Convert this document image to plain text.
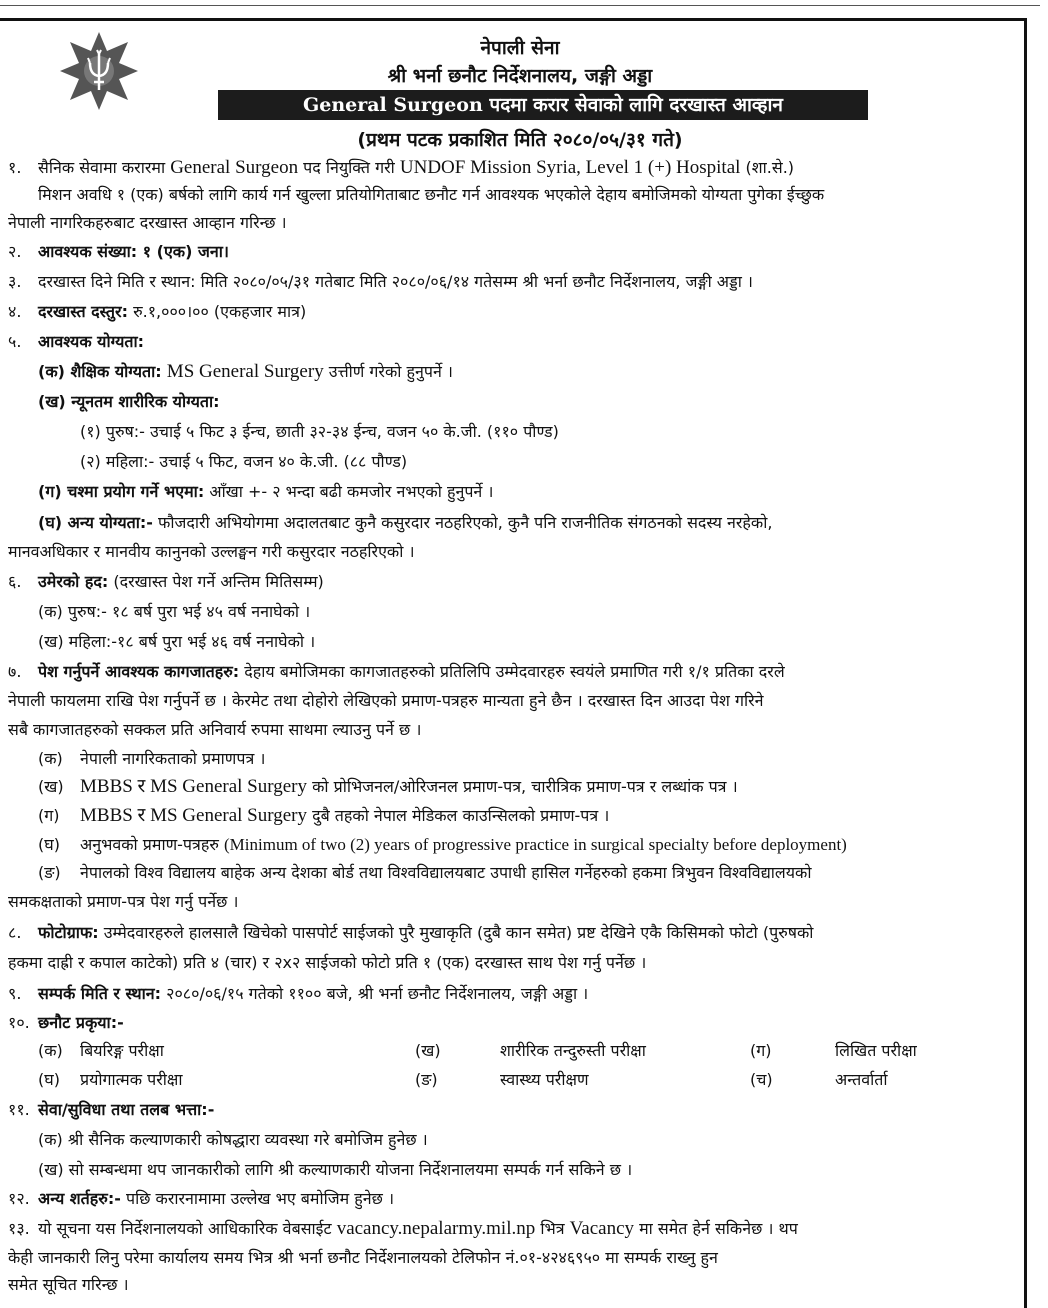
नेपाली सेना
श्री भर्ना छनौट निर्देशनालय, जङ्गी अड्डा
General Surgeon पदमा करार सेवाको लागि दरखास्त आव्हान
(प्रथम पटक प्रकाशित मिति २०८०/०५/३१ गते)
१. सैनिक सेवामा करारमा General Surgeon पद नियुक्ति गरी UNDOF Mission Syria, Level 1 (+) Hospital (शा.से.)
मिशन अवधि १ (एक) बर्षको लागि कार्य गर्न खुल्ला प्रतियोगिताबाट छनौट गर्न आवश्यक भएकोले देहाय बमोजिमको योग्यता पुगेका ईच्छुक
नेपाली नागरिकहरुबाट दरखास्त आव्हान गरिन्छ ।
२. आवश्यक संख्या: १ (एक) जना।
३. दरखास्त दिने मिति र स्थान: मिति २०८०/०५/३१ गतेबाट मिति २०८०/०६/१४ गतेसम्म श्री भर्ना छनौट निर्देशनालय, जङ्गी अड्डा ।
४. दरखास्त दस्तुर: रु.१,०००।०० (एकहजार मात्र)
५. आवश्यक योग्यता:
(क) शैक्षिक योग्यता: MS General Surgery उत्तीर्ण गरेको हुनुपर्ने ।
(ख) न्यूनतम शारीरिक योग्यता:
(१) पुरुष:- उचाई ५ फिट ३ ईन्च, छाती ३२-३४ ईन्च, वजन ५० के.जी. (११० पौण्ड)
(२) महिला:- उचाई ५ फिट, वजन ४० के.जी. (८८ पौण्ड)
(ग) चश्मा प्रयोग गर्ने भएमा: आँखा +- २ भन्दा बढी कमजोर नभएको हुनुपर्ने ।
(घ) अन्य योग्यता:- फौजदारी अभियोगमा अदालतबाट कुनै कसुरदार नठहरिएको, कुनै पनि राजनीतिक संगठनको सदस्य नरहेको,
मानवअधिकार र मानवीय कानुनको उल्लङ्घन गरी कसुरदार नठहरिएको ।
६. उमेरको हद: (दरखास्त पेश गर्ने अन्तिम मितिसम्म)
(क) पुरुष:- १८ बर्ष पुरा भई ४५ वर्ष ननाघेको ।
(ख) महिला:-१८ बर्ष पुरा भई ४६ वर्ष ननाघेको ।
७. पेश गर्नुपर्ने आवश्यक कागजातहरु: देहाय बमोजिमका कागजातहरुको प्रतिलिपि उम्मेदवारहरु स्वयंले प्रमाणित गरी १/१ प्रतिका दरले
नेपाली फायलमा राखि पेश गर्नुपर्ने छ । केरमेट तथा दोहोरो लेखिएको प्रमाण-पत्रहरु मान्यता हुने छैन । दरखास्त दिन आउदा पेश गरिने
सबै कागजातहरुको सक्कल प्रति अनिवार्य रुपमा साथमा ल्याउनु पर्ने छ ।
(क) नेपाली नागरिकताको प्रमाणपत्र ।
(ख) MBBS र MS General Surgery को प्रोभिजनल/ओरिजनल प्रमाण-पत्र, चारीत्रिक प्रमाण-पत्र र लब्धांक पत्र ।
(ग) MBBS र MS General Surgery दुबै तहको नेपाल मेडिकल काउन्सिलको प्रमाण-पत्र ।
(घ) अनुभवको प्रमाण-पत्रहरु (Minimum of two (2) years of progressive practice in surgical specialty before deployment)
(ङ) नेपालको विश्व विद्यालय बाहेक अन्य देशका बोर्ड तथा विश्वविद्यालयबाट उपाधी हासिल गर्नेहरुको हकमा त्रिभुवन विश्वविद्यालयको
समकक्षताको प्रमाण-पत्र पेश गर्नु पर्नेछ ।
८. फोटोग्राफ: उम्मेदवारहरुले हालसालै खिचेको पासपोर्ट साईजको पुरै मुखाकृति (दुबै कान समेत) प्रष्ट देखिने एकै किसिमको फोटो (पुरुषको
हकमा दाह्री र कपाल काटेको) प्रति ४ (चार) र २x२ साईजको फोटो प्रति १ (एक) दरखास्त साथ पेश गर्नु पर्नेछ ।
९. सम्पर्क मिति र स्थान: २०८०/०६/१५ गतेको ११०० बजे, श्री भर्ना छनौट निर्देशनालय, जङ्गी अड्डा ।
१०. छनौट प्रकृया:-
(क) बियरिङ्ग परीक्षा	(ख)	शारीरिक तन्दुरुस्ती परीक्षा	(ग)	लिखित परीक्षा
(घ) प्रयोगात्मक परीक्षा	(ङ)	स्वास्थ्य परीक्षण	(च)	अन्तर्वार्ता
११. सेवा/सुविधा तथा तलब भत्ता:-
(क) श्री सैनिक कल्याणकारी कोषद्धारा व्यवस्था गरे बमोजिम हुनेछ ।
(ख) सो सम्बन्धमा थप जानकारीको लागि श्री कल्याणकारी योजना निर्देशनालयमा सम्पर्क गर्न सकिने छ ।
१२. अन्य शर्तहरु:- पछि करारनामामा उल्लेख भए बमोजिम हुनेछ ।
१३. यो सूचना यस निर्देशनालयको आधिकारिक वेबसाईट vacancy.nepalarmy.mil.np भित्र Vacancy मा समेत हेर्न सकिनेछ । थप
केही जानकारी लिनु परेमा कार्यालय समय भित्र श्री भर्ना छनौट निर्देशनालयको टेलिफोन नं.०१-४२४६९५० मा सम्पर्क राख्नु हुन
समेत सूचित गरिन्छ ।
